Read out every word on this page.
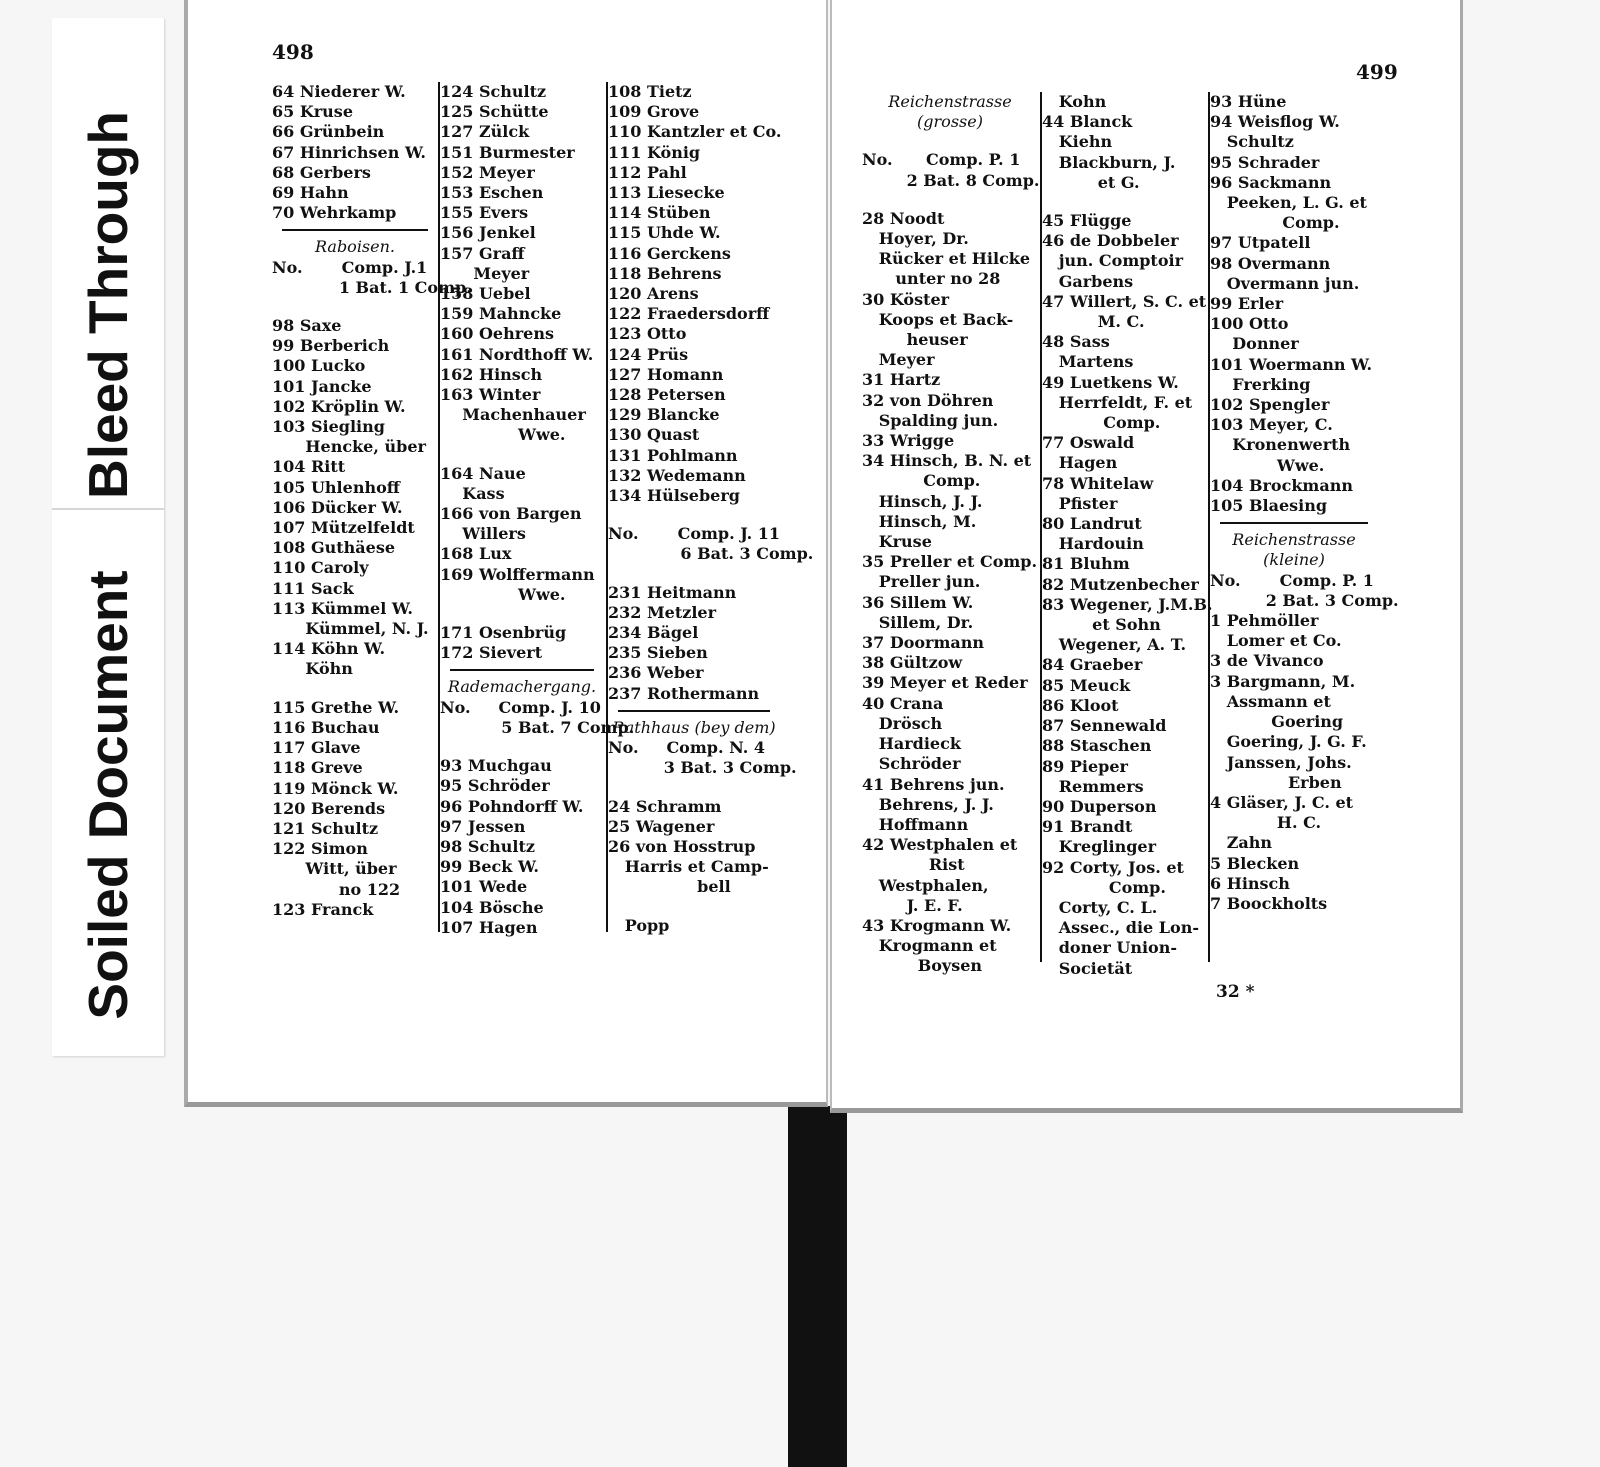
Bleed Through
Soiled Document
498
64 Niederer W.
65 Kruse
66 Grünbein
67 Hinrichsen W.
68 Gerbers
69 Hahn
70 Wehrkamp
Raboisen.
No.       Comp. J.1
1 Bat. 1 Comp.
98 Saxe
99 Berberich
100 Lucko
101 Jancke
102 Kröplin W.
103 Siegling
Hencke, über
104 Ritt
105 Uhlenhoff
106 Dücker W.
107 Mützelfeldt
108 Guthäese
110 Caroly
111 Sack
113 Kümmel W.
Kümmel, N. J.
114 Köhn W.
Köhn
115 Grethe W.
116 Buchau
117 Glave
118 Greve
119 Mönck W.
120 Berends
121 Schultz
122 Simon
Witt, über
no 122
123 Franck
124 Schultz
125 Schütte
127 Zülck
151 Burmester
152 Meyer
153 Eschen
155 Evers
156 Jenkel
157 Graff
Meyer
158 Uebel
159 Mahncke
160 Oehrens
161 Nordthoff W.
162 Hinsch
163 Winter
Machenhauer
Wwe.
164 Naue
Kass
166 von Bargen
Willers
168 Lux
169 Wolffermann
Wwe.
171 Osenbrüg
172 Sievert
Rademachergang.
No.     Comp. J. 10
5 Bat. 7 Comp.
93 Muchgau
95 Schröder
96 Pohndorff W.
97 Jessen
98 Schultz
99 Beck W.
101 Wede
104 Bösche
107 Hagen
108 Tietz
109 Grove
110 Kantzler et Co.
111 König
112 Pahl
113 Liesecke
114 Stüben
115 Uhde W.
116 Gerckens
118 Behrens
120 Arens
122 Fraedersdorff
123 Otto
124 Prüs
127 Homann
128 Petersen
129 Blancke
130 Quast
131 Pohlmann
132 Wedemann
134 Hülseberg
No.       Comp. J. 11
6 Bat. 3 Comp.
231 Heitmann
232 Metzler
234 Bägel
235 Sieben
236 Weber
237 Rothermann
Rathhaus (bey dem)
No.     Comp. N. 4
3 Bat. 3 Comp.
24 Schramm
25 Wagener
26 von Hosstrup
Harris et Camp-
bell
Popp
499
Reichenstrasse
(grosse)
No.      Comp. P. 1
2 Bat. 8 Comp.
28 Noodt
Hoyer, Dr.
Rücker et Hilcke
unter no 28
30 Köster
Koops et Back-
heuser
Meyer
31 Hartz
32 von Döhren
Spalding jun.
33 Wrigge
34 Hinsch, B. N. et
Comp.
Hinsch, J. J.
Hinsch, M.
Kruse
35 Preller et Comp.
Preller jun.
36 Sillem W.
Sillem, Dr.
37 Doormann
38 Gültzow
39 Meyer et Reder
40 Crana
Drösch
Hardieck
Schröder
41 Behrens jun.
Behrens, J. J.
Hoffmann
42 Westphalen et
Rist
Westphalen,
J. E. F.
43 Krogmann W.
Krogmann et
Boysen
Kohn
44 Blanck
Kiehn
Blackburn, J.
et G.
45 Flügge
46 de Dobbeler
jun. Comptoir
Garbens
47 Willert, S. C. et
M. C.
48 Sass
Martens
49 Luetkens W.
Herrfeldt, F. et
Comp.
77 Oswald
Hagen
78 Whitelaw
Pfister
80 Landrut
Hardouin
81 Bluhm
82 Mutzenbecher
83 Wegener, J.M.B.
et Sohn
Wegener, A. T.
84 Graeber
85 Meuck
86 Kloot
87 Sennewald
88 Staschen
89 Pieper
Remmers
90 Duperson
91 Brandt
Kreglinger
92 Corty, Jos. et
Comp.
Corty, C. L.
Assec., die Lon-
doner Union-
Societät
93 Hüne
94 Weisflog W.
Schultz
95 Schrader
96 Sackmann
Peeken, L. G. et
Comp.
97 Utpatell
98 Overmann
Overmann jun.
99 Erler
100 Otto
Donner
101 Woermann W.
Frerking
102 Spengler
103 Meyer, C.
Kronenwerth
Wwe.
104 Brockmann
105 Blaesing
Reichenstrasse
(kleine)
No.       Comp. P. 1
2 Bat. 3 Comp.
1 Pehmöller
Lomer et Co.
3 de Vivanco
3 Bargmann, M.
Assmann et
Goering
Goering, J. G. F.
Janssen, Johs.
Erben
4 Gläser, J. C. et
H. C.
Zahn
5 Blecken
6 Hinsch
7 Boockholts
32 *
